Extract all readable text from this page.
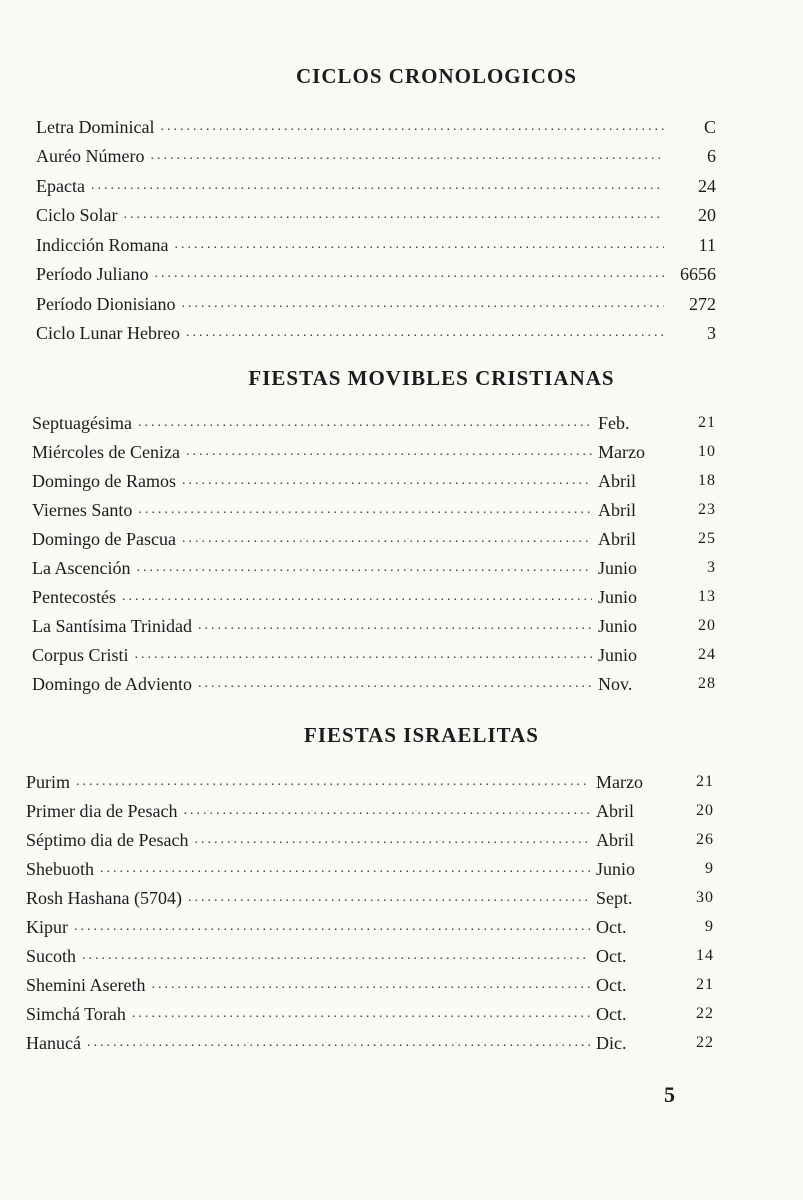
CICLOS CRONOLOGICOS
Letra Dominical .....	C
Auréo Número .....	6
Epacta .....	24
Ciclo Solar .....	20
Indicción Romana .....	11
Período Juliano .....	6656
Período Dionisiano .....	272
Ciclo Lunar Hebreo .....	3
FIESTAS MOVIBLES CRISTIANAS
Septuagésima .....	Feb.	21
Miércoles de Ceniza .....	Marzo	10
Domingo de Ramos .....	Abril	18
Viernes Santo .....	Abril	23
Domingo de Pascua .....	Abril	25
La Ascención .....	Junio	3
Pentecostés .....	Junio	13
La Santísima Trinidad .....	Junio	20
Corpus Cristi .....	Junio	24
Domingo de Adviento .....	Nov.	28
FIESTAS ISRAELITAS
Purim .....	Marzo	21
Primer dia de Pesach .....	Abril	20
Séptimo dia de Pesach .....	Abril	26
Shebuoth .....	Junio	9
Rosh Hashana (5704) .....	Sept.	30
Kipur .....	Oct.	9
Sucoth .....	Oct.	14
Shemini Asereth .....	Oct.	21
Simchá Torah .....	Oct.	22
Hanucá .....	Dic.	22
5
